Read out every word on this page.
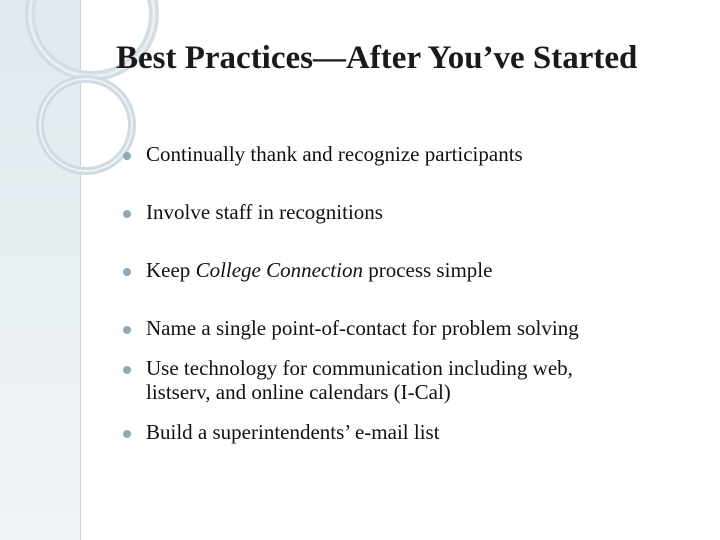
Best Practices—After You’ve Started
Continually thank and recognize participants
Involve staff in recognitions
Keep College Connection process simple
Name a single point-of-contact for problem solving
Use technology for communication including web,
listserv, and online calendars (I-Cal)
Build a superintendents’ e-mail list
